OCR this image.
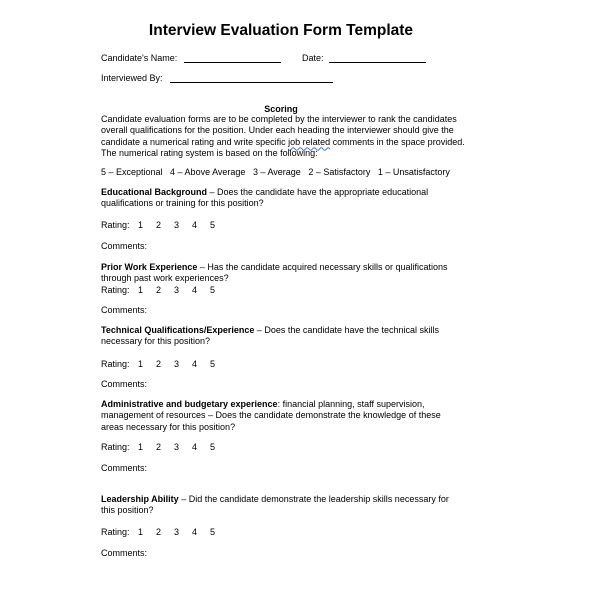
Interview Evaluation Form Template
Candidate's Name:	Date:
Interviewed By:
Scoring
Candidate evaluation forms are to be completed by the interviewer to rank the candidates overall qualifications for the position. Under each heading the interviewer should give the candidate a numerical rating and write specific job related comments in the space provided. The numerical rating system is based on the following:
5 – Exceptional   4 – Above Average   3 – Average   2 – Satisfactory   1 – Unsatisfactory
Educational Background – Does the candidate have the appropriate educational
qualifications or training for this position?
Rating: 1 2 3 4 5
Comments:
Prior Work Experience – Has the candidate acquired necessary skills or qualifications
through past work experiences?
Rating: 1 2 3 4 5
Comments:
Technical Qualifications/Experience – Does the candidate have the technical skills
necessary for this position?
Rating: 1 2 3 4 5
Comments:
Administrative and budgetary experience: financial planning, staff supervision,
management of resources – Does the candidate demonstrate the knowledge of these
areas necessary for this position?
Rating: 1 2 3 4 5
Comments:
Leadership Ability – Did the candidate demonstrate the leadership skills necessary for
this position?
Rating: 1 2 3 4 5
Comments:
